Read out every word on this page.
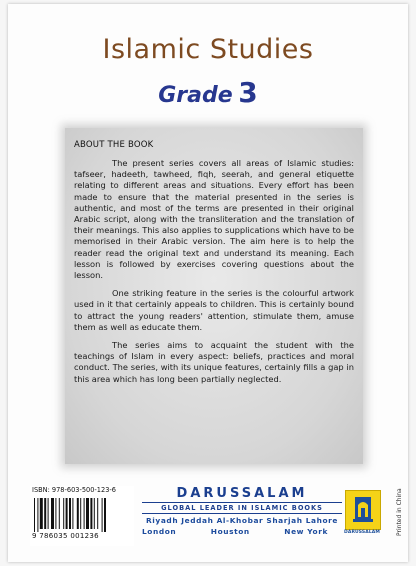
Islamic Studies
Grade 3
ABOUT THE BOOK

The present series covers all areas of Islamic studies: tafseer, hadeeth, tawheed, fiqh, seerah, and general etiquette relating to different areas and situations. Every effort has been made to ensure that the material presented in the series is authentic, and most of the terms are presented in their original Arabic script, along with the transliteration and the translation of their meanings. This also applies to supplications which have to be memorised in their Arabic version. The aim here is to help the reader read the original text and understand its meaning. Each lesson is followed by exercises covering questions about the lesson.

One striking feature in the series is the colourful artwork used in it that certainly appeals to children. This is certainly bound to attract the young readers' attention, stimulate them, amuse them as well as educate them.

The series aims to acquaint the student with the teachings of Islam in every aspect: beliefs, practices and moral conduct. The series, with its unique features, certainly fills a gap in this area which has long been partially neglected.

ISBN: 978-603-500-123-6
9 786035 001236
DARUSSALAM
GLOBAL LEADER IN ISLAMIC BOOKS
Riyadh Jeddah Al-Khobar Sharjah Lahore
London	Houston	New York	DARUSSALAM	Printed in China
